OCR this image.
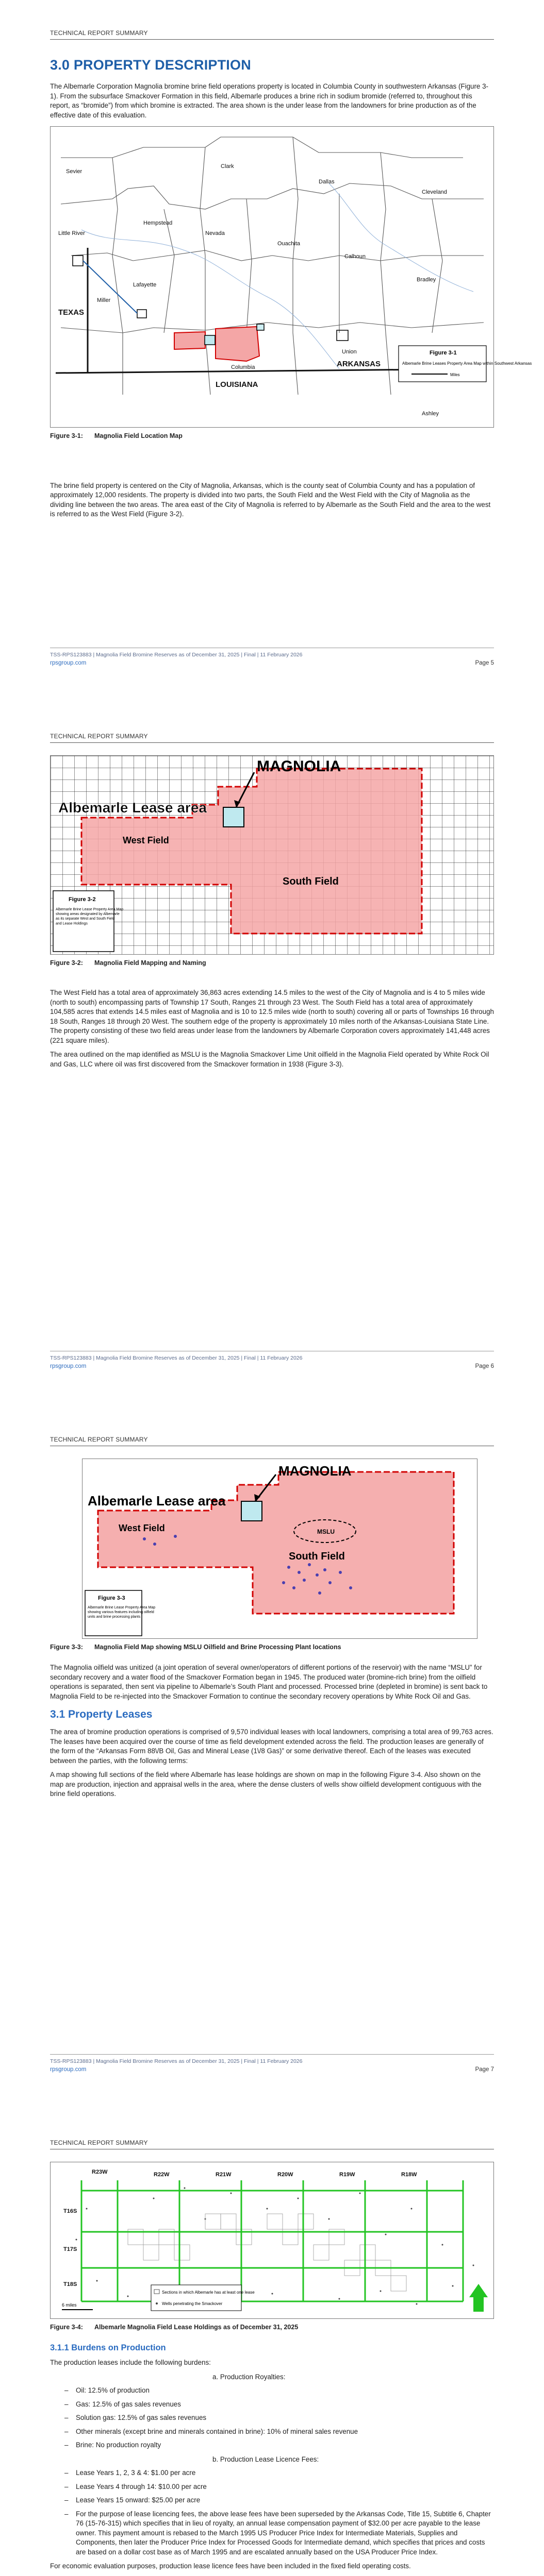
TECHNICAL REPORT SUMMARY
3.0 PROPERTY DESCRIPTION

The Albemarle Corporation Magnolia bromine brine field operations property is located in Columbia County in southwestern Arkansas (Figure 3-1). From the subsurface Smackover Formation in this field, Albemarle produces a brine rich in sodium bromide (referred to, throughout this report, as “bromide”) from which bromine is extracted. The area shown is the under lease from the landowners for brine production as of the effective date of this evaluation.

Sevier
Little River
Hempstead
Nevada
Ouachita
Calhoun
Bradley
Cleveland
Dallas
Clark
Lafayette
Miller
Columbia
Union
Ashley
TEXAS
LOUISIANA
ARKANSAS
Figure 3-1
Albemarle Brine Leases Property Area Map within Southwest Arkansas
Miles
Figure 3-1: Magnolia Field Location Map

The brine field property is centered on the City of Magnolia, Arkansas, which is the county seat of Columbia County and has a population of approximately 12,000 residents. The property is divided into two parts, the South Field and the West Field with the City of Magnolia as the dividing line between the two areas. The area east of the City of Magnolia is referred to by Albemarle as the South Field and the area to the west is referred to as the West Field (Figure 3-2).

TSS-RPS123883 | Magnolia Field Bromine Reserves as of December 31, 2025 | Final | 11 February 2026
rpsgroup.com	Page 5
TECHNICAL REPORT SUMMARY
MAGNOLIA
Albemarle Lease area
West Field
South Field
Figure 3-2
Albemarle Brine Lease Property Area Map showing areas designated by Albemarle as its separate West and South Field and Lease Holdings
Figure 3-2: Magnolia Field Mapping and Naming

The West Field has a total area of approximately 36,863 acres extending 14.5 miles to the west of the City of Magnolia and is 4 to 5 miles wide (north to south) encompassing parts of Township 17 South, Ranges 21 through 23 West. The South Field has a total area of approximately 104,585 acres that extends 14.5 miles east of Magnolia and is 10 to 12.5 miles wide (north to south) covering all or parts of Townships 16 through 18 South, Ranges 18 through 20 West. The southern edge of the property is approximately 10 miles north of the Arkansas-Louisiana State Line. The property consisting of these two field areas under lease from the landowners by Albemarle Corporation covers approximately 141,448 acres (221 square miles).

The area outlined on the map identified as MSLU is the Magnolia Smackover Lime Unit oilfield in the Magnolia Field operated by White Rock Oil and Gas, LLC where oil was first discovered from the Smackover formation in 1938 (Figure 3-3).

TSS-RPS123883 | Magnolia Field Bromine Reserves as of December 31, 2025 | Final | 11 February 2026
rpsgroup.com	Page 6
TECHNICAL REPORT SUMMARY
MAGNOLIA
Albemarle Lease area
West Field
South Field
MSLU
Figure 3-3
Albemarle Brine Lease Property Area Map showing various features including oilfield units and brine processing plants
Figure 3-3: Magnolia Field Map showing MSLU Oilfield and Brine Processing Plant locations

The Magnolia oilfield was unitized (a joint operation of several owner/operators of different portions of the reservoir) with the name “MSLU” for secondary recovery and a water flood of the Smackover Formation began in 1945. The produced water (bromine-rich brine) from the oilfield operations is separated, then sent via pipeline to Albemarle’s South Plant and processed. Processed brine (depleted in bromine) is sent back to Magnolia Field to be re-injected into the Smackover Formation to continue the secondary recovery operations by White Rock Oil and Gas.

3.1 Property Leases

The area of bromine production operations is comprised of 9,570 individual leases with local landowners, comprising a total area of 99,763 acres. The leases have been acquired over the course of time as field development extended across the field. The production leases are generally of the form of the “Arkansas Form 88\/B Oil, Gas and Mineral Lease (1\/8 Gas)” or some derivative thereof. Each of the leases was executed between the parties, with the following terms:

A map showing full sections of the field where Albemarle has lease holdings are shown on map in the following Figure 3-4. Also shown on the map are production, injection and appraisal wells in the area, where the dense clusters of wells show oilfield development contiguous with the brine field operations.

TSS-RPS123883 | Magnolia Field Bromine Reserves as of December 31, 2025 | Final | 11 February 2026
rpsgroup.com	Page 7
TECHNICAL REPORT SUMMARY
R23W	R22W	R21W	R20W	R19W	R18W
T16S
T17S
T18S
Sections in which Albemarle has at least one lease
Wells penetrating the Smackover
6 miles
Figure 3-4: Albemarle Magnolia Field Lease Holdings as of December 31, 2025
3.1.1 Burdens on Production

The production leases include the following burdens:

a. Production Royalties:
– Oil: 12.5% of production
– Gas: 12.5% of gas sales revenues
– Solution gas: 12.5% of gas sales revenues
– Other minerals (except brine and minerals contained in brine): 10% of mineral sales revenue
– Brine: No production royalty
b. Production Lease Licence Fees:
– Lease Years 1, 2, 3 & 4: $1.00 per acre
– Lease Years 4 through 14: $10.00 per acre
– Lease Years 15 onward: $25.00 per acre
– For the purpose of lease licencing fees, the above lease fees have been superseded by the Arkansas Code, Title 15, Subtitle 6, Chapter 76 (15-76-315) which specifies that in lieu of royalty, an annual lease compensation payment of $32.00 per acre payable to the lease owner. This payment amount is rebased to the March 1995 US Producer Price Index for Intermediate Materials, Supplies and Components, then later the Producer Price Index for Processed Goods for Intermediate demand, which specifies that prices and costs are based on a dollar cost base as of March 1995 and are escalated annually based on the USA Producer Price Index.

For economic evaluation purposes, production lease licence fees have been included in the fixed field operating costs.
